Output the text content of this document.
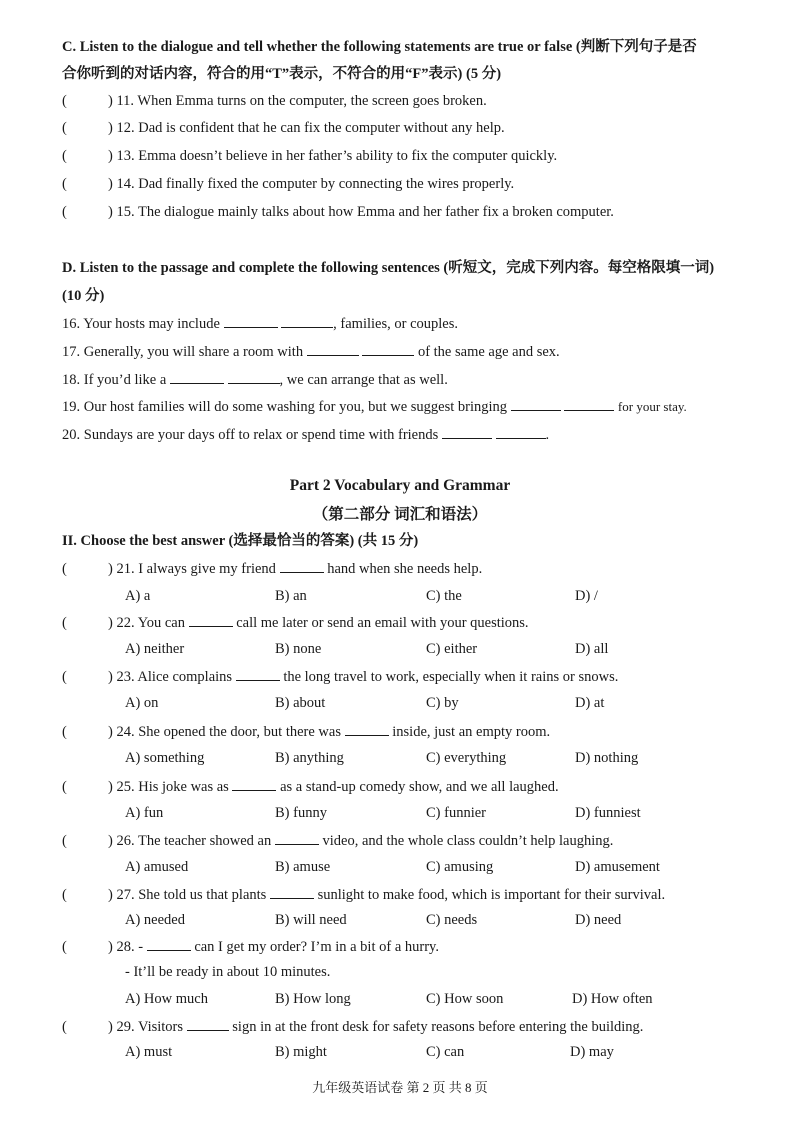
C. Listen to the dialogue and tell whether the following statements are true or false (判断下列句子是否
合你听到的对话内容，符合的用“T”表示，不符合的用“F”表示) (5 分)
(	) 11. When Emma turns on the computer, the screen goes broken.
(	) 12. Dad is confident that he can fix the computer without any help.
(	) 13. Emma doesn’t believe in her father’s ability to fix the computer quickly.
(	) 14. Dad finally fixed the computer by connecting the wires properly.
(	) 15. The dialogue mainly talks about how Emma and her father fix a broken computer.
D. Listen to the passage and complete the following sentences (听短文，完成下列内容。每空格限填一词)
(10 分)
16. Your hosts may include	, families, or couples.
17. Generally, you will share a room with	of the same age and sex.
18. If you’d like a	, we can arrange that as well.
19. Our host families will do some washing for you, but we suggest bringing	for your stay.
20. Sundays are your days off to relax or spend time with friends	.
Part 2 Vocabulary and Grammar
（第二部分 词汇和语法）
II. Choose the best answer (选择最恰当的答案) (共 15 分)
(	) 21. I always give my friend	hand when she needs help.
A) a	B) an	C) the	D) /
(	) 22. You can	call me later or send an email with your questions.
A) neither	B) none	C) either	D) all
(	) 23. Alice complains	the long travel to work, especially when it rains or snows.
A) on	B) about	C) by	D) at
(	) 24. She opened the door, but there was	inside, just an empty room.
A) something	B) anything	C) everything	D) nothing
(	) 25. His joke was as	as a stand-up comedy show, and we all laughed.
A) fun	B) funny	C) funnier	D) funniest
(	) 26. The teacher showed an	video, and the whole class couldn’t help laughing.
A) amused	B) amuse	C) amusing	D) amusement
(	) 27. She told us that plants	sunlight to make food, which is important for their survival.
A) needed	B) will need	C) needs	D) need
(	) 28. -	can I get my order? I’m in a bit of a hurry.
- It’ll be ready in about 10 minutes.
A) How much	B) How long	C) How soon	D) How often
(	) 29. Visitors	sign in at the front desk for safety reasons before entering the building.
A) must	B) might	C) can	D) may
九年级英语试卷 第 2 页 共 8 页
